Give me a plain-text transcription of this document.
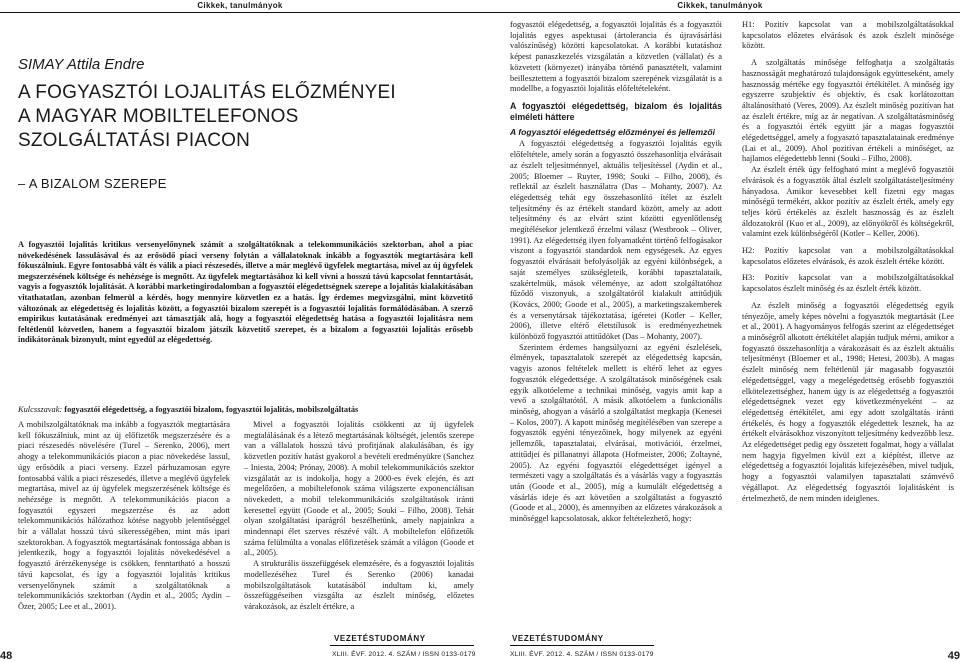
Cikkek, tanulmányok
SIMAY Attila Endre
A FOGYASZTÓI LOJALITÁS ELŐZMÉNYEI
A MAGYAR MOBILTELEFONOS
SZOLGÁLTATÁSI PIACON
– A BIZALOM SZEREPE

A fogyasztói lojalitás kritikus versenyelőnynek számít a szolgáltatóknak a telekommunikációs szektorban, ahol a piac növekedésének lassulásával és az erősödő piaci verseny folytán a vállalatoknak inkább a fogyasztók megtartására kell fókuszálniuk. Egyre fontosabbá vált és válik a piaci részesedés, illetve a már meglévő ügyfelek megtartása, mivel az új ügyfelek megszerzésének költsége és nehézsége is megnőtt. Az ügyfelek megtartásához ki kell vívni a hosszú távú kapcsolat fenntartását, vagyis a fogyasztók lojalitását. A korábbi marketingirodalomban a fogyasztói elégedettségnek szerepe a lojalitás kialakításában vitathatatlan, azonban felmerül a kérdés, hogy mennyire közvetlen ez a hatás. Így érdemes megvizsgálni, mint közvetítő változónak az elégedettség és lojalitás között, a fogyasztói bizalom szerepét is a fogyasztói lojalitás formálódásában. A szerző empirikus kutatásának eredményei azt támasztják alá, hogy a fogyasztói elégedettség hatása a fogyasztói lojalitásra nem feltétlenül közvetlen, hanem a fogyasztói bizalom játszik közvetítő szerepet, és a bizalom a fogyasztói lojalitás erősebb indikátorának bizonyult, mint egyedül az elégedettség.

Kulcsszavak: fogyasztói elégedettség, a fogyasztói bizalom, fogyasztói lojalitás, mobilszolgáltatás

A mobilszolgáltatóknak ma inkább a fogyasztók megtartására kell fókuszálniuk, mint az új előfizetők megszerzésére és a piaci részesedés növelésére (Turel – Serenko, 2006), mert ahogy a telekommunikációs piacon a piac növekedése lassul, úgy erősödik a piaci verseny. Ezzel párhuzamosan egyre fontosabbá válik a piaci részesedés, illetve a meglévő ügyfelek megtartása, mivel az új ügyfelek megszerzésének költsége és nehézsége is megnőtt. A telekommunikációs piacon a fogyasztói egyszeri megszerzése és az adott telekommunikációs hálózathoz kötése nagyobb jelentőséggel bír a vállalat hosszú távú sikerességében, mint más ipari szektorokban. A fogyasztók megtartásának fontossága abban is jelentkezik, hogy a fogyasztói lojalitás növekedésével a fogyasztó árérzékenysége is csökken, fenntartható a hosszú távú kapcsolat, és így a fogyasztói lojalitás kritikus versenyelőnynek számít a szolgáltatóknak a telekommunikációs szektorban (Aydin et al., 2005; Aydin – Özer, 2005; Lee et al., 2001).

Mivel a fogyasztói lojalitás csökkenti az új ügyfelek megtalálásának és a létező megtartásának költségét, jelentős szerepe van a vállalatok hosszú távú profitjának alakulásában, és így közvetlen pozitív hatást gyakorol a bevételi eredményükre (Sanchez – Iniesta, 2004; Prónay, 2008). A mobil telekommunikációs szektor vizsgálatát az is indokolja, hogy a 2000-es évek elején, és azt megelőzően, a mobiltelefonok száma világszerte exponenciálisan növekedett, a mobil telekommunikációs szolgáltatások iránti keresettel együtt (Goode et al., 2005; Souki – Filho, 2008). Tehát olyan szolgáltatási iparágról beszélhetünk, amely napjainkra a mindennapi élet szerves részévé vált. A mobiltelefon előfizetők száma felülmúlta a vonalas előfizetések számát a világon (Goode et al., 2005).

A strukturális összefüggések elemzésére, és a fogyasztói lojalitás modellezéséhez Turel és Serenko (2006) kanadai mobilszolgáltatások kutatásából indultam ki, amely összefüggéseiben vizsgálta az észlelt minőség, előzetes várakozások, az észlelt értékre, a

VEZETÉSTUDOMÁNY
XLIII. ÉVF. 2012. 4. SZÁM / ISSN 0133-0179
48
Cikkek, tanulmányok

fogyasztói elégedettség, a fogyasztói lojalitás és a fogyasztói lojalitás egyes aspektusai (ártolerancia és újravásárlási valószínűség) közötti kapcsolatokat. A korábbi kutatáshoz képest panaszkezelés vizsgálatán a közvetlen (vállalat) és a közvetett (környezet) irányába történő panasztételt, valamint beillesztettem a fogyasztói bizalom szerepének vizsgálatát is a modellbe, a fogyasztói lojalitás előfeltételeként.

A fogyasztói elégedettség, bizalom és lojalitás elméleti háttere
A fogyasztói elégedettség előzményei és jellemzői

A fogyasztói elégedettség a fogyasztói lojalitás egyik előfeltétele, amely során a fogyasztó összehasonlítja elvárásait az észlelt teljesítménnyel, aktuális teljesítéssel (Aydin et al., 2005; Bloemer – Ruyter, 1998; Souki – Filho, 2008), és reflektál az észlelt használatra (Das – Mohanty, 2007). Az elégedettség tehát egy összehasonlító ítélet az észlelt teljesítmény és az értékelt standard között, amely az adott teljesítmény és az elvárt szint közötti egyenlőtlenség megítélésekor jelentkező érzelmi válasz (Westbrook – Oliver, 1991). Az elégedettség ilyen folyamatként történő felfogásakor viszont a fogyasztói standardok nem egységesek. Az egyes fogyasztói elvárásait befolyásolják az egyéni különbségek, a saját személyes szükségleteik, korábbi tapasztalataik, szakértelmük, mások véleménye, az adott szolgáltatóhoz fűződő viszonyuk, a szolgáltatóról kialakult attitűdjük (Kovács, 2000; Goode et al., 2005), a marketingszakemberek és a versenytársak tájékoztatása, ígéretei (Kotler – Keller, 2006), illetve eltérő életstílusok is eredményezhetnek különböző fogyasztói attitűdöket (Das – Mohanty, 2007).

Szerintem érdemes hangsúlyozni az egyéni észlelések, élmények, tapasztalatok szerepét az elégedettség kapcsán, vagyis azonos feltételek mellett is eltérő lehet az egyes fogyasztók elégedettsége. A szolgáltatások minőségének csak egyik alkotóeleme a technikai minőség, vagyis amit kap a vevő a szolgáltatótól. A másik alkotóelem a funkcionális minőség, ahogyan a vásárló a szolgáltatást megkapja (Kenesei – Kolos, 2007). A kapott minőség megítélésében van szerepe a fogyasztók egyéni tényezőinek, hogy milyenek az egyéni jellemzők, tapasztalatai, elvárásai, motivációi, érzelmei, attitűdjei és pillanatnyi állapota (Hofmeister, 2006; Zoltayné, 2005). Az egyéni fogyasztói elégedettséget igényel a természeti vagy a szolgáltatás és a vásárlás vagy a fogyasztás után (Goode et al., 2005), míg a kumulált elégedettség a vásárlás ideje és azt követően a szolgáltatást a fogyasztó (Goode et al., 2000), és amennyiben az előzetes várakozások a minőséggel kapcsolatosak, akkor feltételezhető, hogy:

H1: Pozitív kapcsolat van a mobilszolgáltatásokkal kapcsolatos előzetes elvárások és azok észlelt minősége között.

A szolgáltatás minősége felfoghatja a szolgáltatás hasznosságát meghatározó tulajdonságok együtteseként, amely hasznosság mértéke egy fogyasztói értékítélet. A minőség így egyszerre szubjektív és objektív, és csak korlátozottan általánosítható (Veres, 2009). Az észlelt minőség pozitívan hat az észlelt értékre, míg az ár negatívan. A szolgáltatásminőség és a fogyasztói érték együtt jár a magas fogyasztói elégedettséggel, amely a fogyasztó tapasztalatainak eredménye (Lai et al., 2009). Ahol pozitívan értékeli a minőséget, az hajlamos elégedettebb lenni (Souki – Filho, 2008).

Az észlelt érték úgy felfogható mint a meglévő fogyasztói elvárások és a fogyasztók által észlelt szolgáltatásteljesítmény hányadosa. Amikor kevesebbet kell fizetni egy magas minőségű termékért, akkor pozitív az észlelt érték, amely egy teljes körű értékelés az észlelt hasznosság és az észlelt áldozatokról (Kuo et al., 2009), az előnyökről és költségekről, valamint ezek különbségéről (Kotler – Keller, 2006).

H2: Pozitív kapcsolat van a mobilszolgáltatásokkal kapcsolatos előzetes elvárások, és azok észlelt értéke között.

H3: Pozitív kapcsolat van a mobilszolgáltatásokkal kapcsolatos észlelt minőség és az észlelt érték között.

Az észlelt minőség a fogyasztói elégedettség egyik tényezője, amely képes növelni a fogyasztók megtartását (Lee et al., 2001). A hagyományos felfogás szerint az elégedettséget a minőségről alkotott értékítélet alapján tudjuk mérni, amikor a fogyasztó összehasonlítja a várakozásait és az észlelt aktuális teljesítményt (Bloemer et al., 1998; Hetesi, 2003b). A magas észlelt minőség nem feltétlenül jár magasabb fogyasztói elégedettséggel, vagy a megelégedettség erősebb fogyasztói elkötelezettséghez, hanem úgy is az elégedettség a fogyasztói elégedettségnek vezet egy következményeként – az elégedettség értékítélet, ami egy adott szolgáltatás iránti értékelés, és hogy a fogyasztók elégedettek lesznek, ha az értékelt elvárásokhoz viszonyított teljesítmény kedvezőbb lesz. Az elégedettséget pedig egy összetett fogalmat, hogy a vállalat nem hagyja figyelmen kívül ezt a kiépítést, illetve az elégedettség a fogyasztói lojalitás kifejezésében, mivel tudjuk, hogy a fogyasztói valamilyen tapasztalati számvévő végállapot. Az elégedettség fogyasztói lojalitásként is értelmezhető, de nem minden ideiglenes.

VEZETÉSTUDOMÁNY
XLIII. ÉVF. 2012. 4. SZÁM / ISSN 0133-0179	49
